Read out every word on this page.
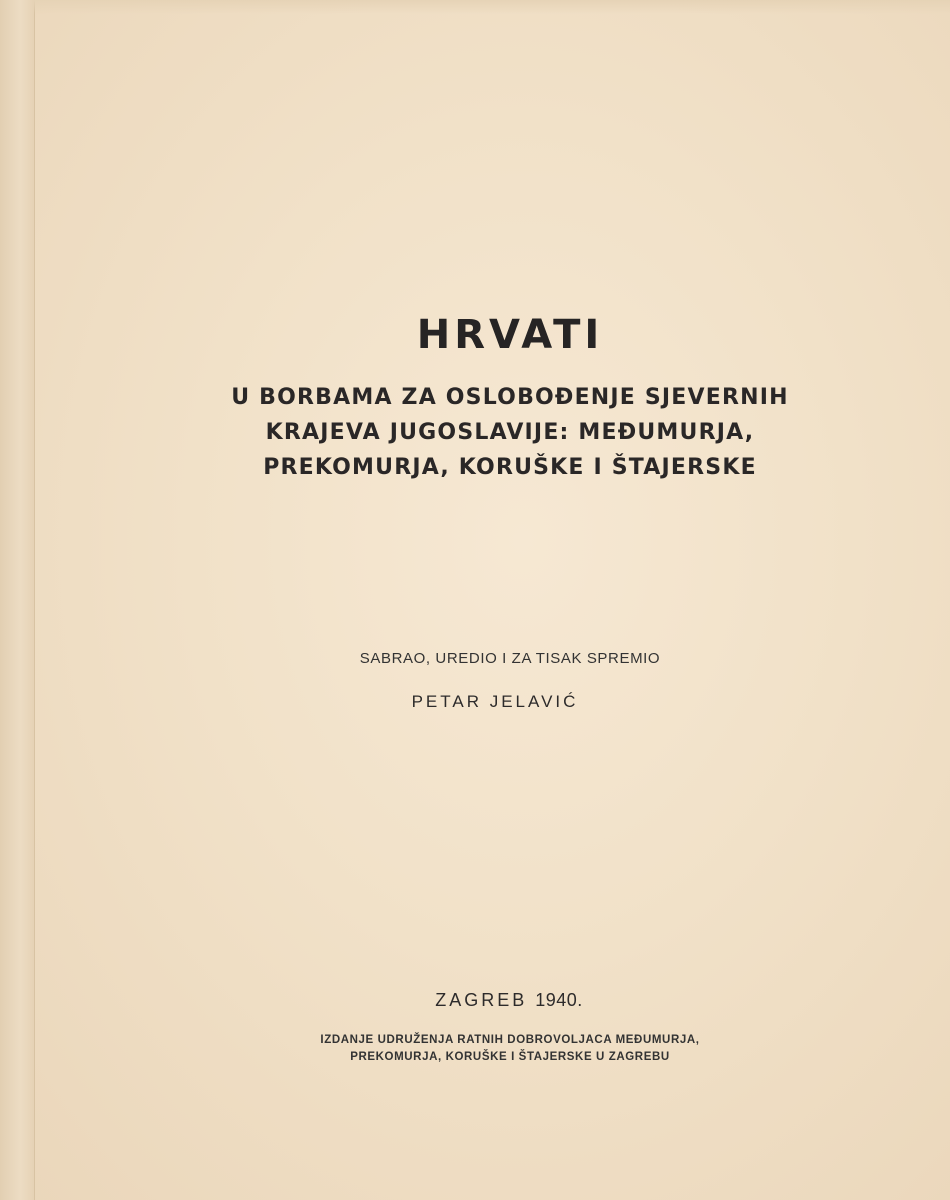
HRVATI
U BORBAMA ZA OSLOBOĐENJE SJEVERNIH
KRAJEVA JUGOSLAVIJE: MEĐUMURJA,
PREKOMURJA, KORUŠKE I ŠTAJERSKE
SABRAO, UREDIO I ZA TISAK SPREMIO
PETAR JELAVIĆ
ZAGREB 1940.
IZDANJE UDRUŽENJA RATNIH DOBROVOLJACA MEĐUMURJA,
PREKOMURJA, KORUŠKE I ŠTAJERSKE U ZAGREBU
